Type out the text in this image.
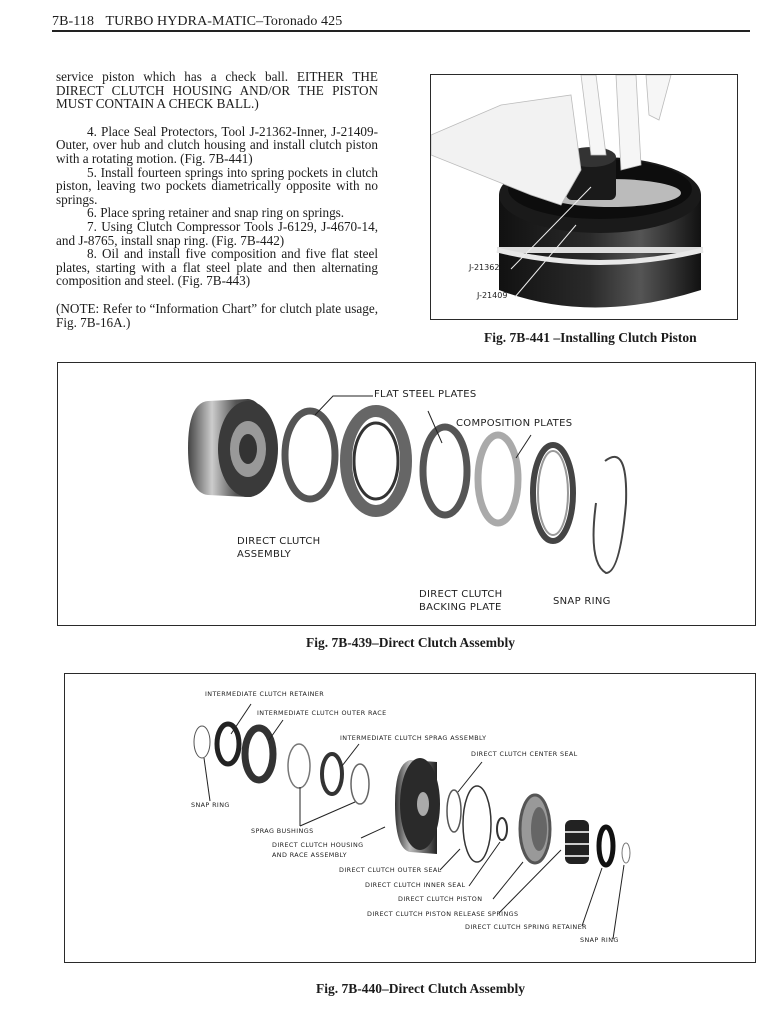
7B-118 TURBO HYDRA-MATIC–Toronado 425

service piston which has a check ball. EITHER THE DIRECT CLUTCH HOUSING AND/OR THE PISTON MUST CONTAIN A CHECK BALL.)

4. Place Seal Protectors, Tool J-21362-Inner, J-21409-Outer, over hub and clutch housing and install clutch piston with a rotating motion. (Fig. 7B-441)

5. Install fourteen springs into spring pockets in clutch piston, leaving two pockets diametrically opposite with no springs.

6. Place spring retainer and snap ring on springs.

7. Using Clutch Compressor Tools J-6129, J-4670-14, and J-8765, install snap ring. (Fig. 7B-442)

8. Oil and install five composition and five flat steel plates, starting with a flat steel plate and then alternating composition and steel. (Fig. 7B-443)

(NOTE: Refer to “Information Chart” for clutch plate usage, Fig. 7B-16A.)

J-21362
J-21409
Fig. 7B-441 –Installing Clutch Piston
FLAT STEEL PLATES
COMPOSITION PLATES
DIRECT CLUTCH
ASSEMBLY
DIRECT CLUTCH
BACKING PLATE
SNAP RING
Fig. 7B-439–Direct Clutch Assembly
INTERMEDIATE CLUTCH RETAINER
INTERMEDIATE CLUTCH OUTER RACE
INTERMEDIATE CLUTCH SPRAG ASSEMBLY
DIRECT CLUTCH CENTER SEAL
SNAP RING
SPRAG BUSHINGS
DIRECT CLUTCH HOUSING
AND RACE ASSEMBLY
DIRECT CLUTCH OUTER SEAL
DIRECT CLUTCH INNER SEAL
DIRECT CLUTCH PISTON
DIRECT CLUTCH PISTON RELEASE SPRINGS
DIRECT CLUTCH SPRING RETAINER
SNAP RING
Fig. 7B-440–Direct Clutch Assembly
